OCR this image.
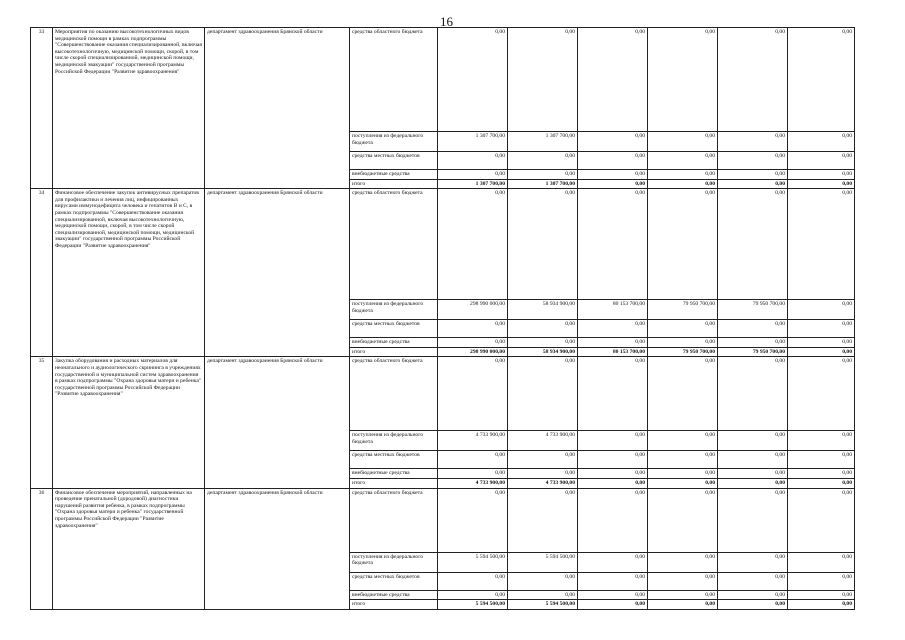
16
33	Мероприятия по оказанию высокотехнологичных видов медицинской помощи в рамках подпрограммы "Совершенствование оказания специализированной, включая высокотехнологичную, медицинской помощи, скорой, в том числе скорой специализированной, медицинской помощи, медицинской эвакуации" государственной программы Российской Федерации "Развитие здравоохранения"	департамент здравоохранения Брянской области	средства областного бюджета	0,00	0,00	0,00	0,00	0,00	0,00
			поступления из федерального бюджета	1 307 700,00	1 307 700,00	0,00	0,00	0,00	0,00
			средства местных бюджетов	0,00	0,00	0,00	0,00	0,00	0,00
			внебюджетные средства	0,00	0,00	0,00	0,00	0,00	0,00
			итого	1 307 700,00	1 307 700,00	0,00	0,00	0,00	0,00
34	Финансовое обеспечение закупок антивирусных препаратов для профилактики и лечения лиц, инфицированных вирусами иммунодефицита человека и гепатитов В и С, в рамках подпрограммы "Совершенствование оказания специализированной, включая высокотехнологичную, медицинской помощи, скорой, в том числе скорой специализированной, медицинской помощи, медицинской эвакуации" государственной программы Российской Федерации "Развитие здравоохранения"	департамент здравоохранения Брянской области	средства областного бюджета	0,00	0,00	0,00	0,00	0,00	0,00
			поступления из федерального бюджета	298 990 000,00	58 934 900,00	80 153 700,00	79 950 700,00	79 950 700,00	0,00
			средства местных бюджетов	0,00	0,00	0,00	0,00	0,00	0,00
			внебюджетные средства	0,00	0,00	0,00	0,00	0,00	0,00
			итого	298 990 000,00	58 934 900,00	80 153 700,00	79 950 700,00	79 950 700,00	0,00
35	Закупка оборудования и расходных материалов для неонатального и аудиологического скрининга в учреждениях государственной и муниципальной систем здравоохранения в рамках подпрограммы "Охрана здоровья матери и ребенка" государственной программы Российской Федерации "Развитие здравоохранения"	департамент здравоохранения Брянской области	средства областного бюджета	0,00	0,00	0,00	0,00	0,00	0,00
			поступления из федерального бюджета	4 733 900,00	4 733 900,00	0,00	0,00	0,00	0,00
			средства местных бюджетов	0,00	0,00	0,00	0,00	0,00	0,00
			внебюджетные средства	0,00	0,00	0,00	0,00	0,00	0,00
			итого	4 733 900,00	4 733 900,00	0,00	0,00	0,00	0,00
36	Финансовое обеспечение мероприятий, направленных на проведение пренатальной (дородовой) диагностики нарушений развития ребенка, в рамках подпрограммы "Охрана здоровья матери и ребенка" государственной программы Российской Федерации "Развитие здравоохранения"	департамент здравоохранения Брянской области	средства областного бюджета	0,00	0,00	0,00	0,00	0,00	0,00
			поступления из федерального бюджета	5 594 500,00	5 594 500,00	0,00	0,00	0,00	0,00
			средства местных бюджетов	0,00	0,00	0,00	0,00	0,00	0,00
			внебюджетные средства	0,00	0,00	0,00	0,00	0,00	0,00
			итого	5 594 500,00	5 594 500,00	0,00	0,00	0,00	0,00
